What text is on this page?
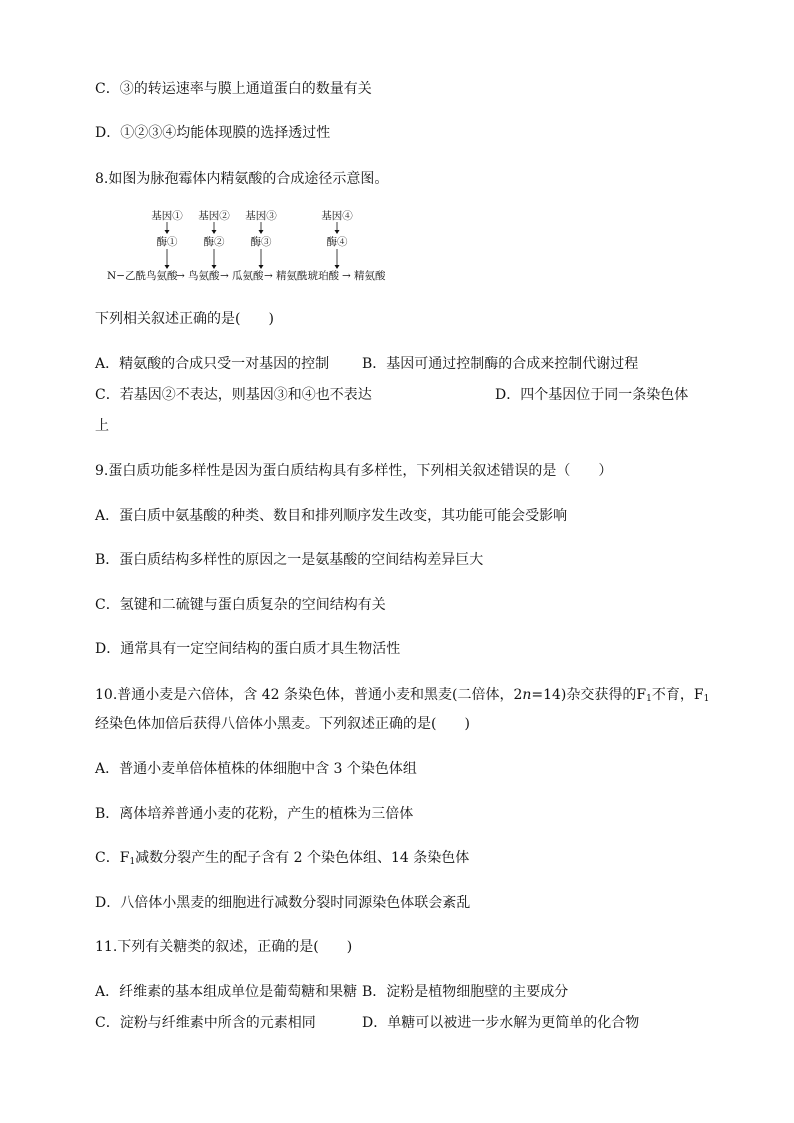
C．③的转运速率与膜上通道蛋白的数量有关
D．①②③④均能体现膜的选择透过性
8.如图为脉孢霉体内精氨酸的合成途径示意图。
基因① 基因② 基因③	基因④
酶① 酶② 酶③	酶④
N−乙酰鸟氨酸
→ 鸟氨酸 → 瓜氨酸 → 精氨酰琥珀酸 → 精氨酸
下列相关叙述正确的是(　　)
A．精氨酸的合成只受一对基因的控制 B．基因可通过控制酶的合成来控制代谢过程
C．若基因②不表达，则基因③和④也不表达	D．四个基因位于同一条染色体
上
9.蛋白质功能多样性是因为蛋白质结构具有多样性，下列相关叙述错误的是（　　）
A．蛋白质中氨基酸的种类、数目和排列顺序发生改变，其功能可能会受影响
B．蛋白质结构多样性的原因之一是氨基酸的空间结构差异巨大
C．氢键和二硫键与蛋白质复杂的空间结构有关
D．通常具有一定空间结构的蛋白质才具生物活性
10.普通小麦是六倍体，含 42 条染色体，普通小麦和黑麦(二倍体，2n=14)杂交获得的$F_1$不育，$F_1$
经染色体加倍后获得八倍体小黑麦。下列叙述正确的是(　　)
A．普通小麦单倍体植株的体细胞中含 3 个染色体组
B．离体培养普通小麦的花粉，产生的植株为三倍体
C．$F_1$减数分裂产生的配子含有 2 个染色体组、14 条染色体
D．八倍体小黑麦的细胞进行减数分裂时同源染色体联会紊乱
11.下列有关糖类的叙述，正确的是(　　)
A．纤维素的基本组成单位是葡萄糖和果糖 B．淀粉是植物细胞壁的主要成分
C．淀粉与纤维素中所含的元素相同	D．单糖可以被进一步水解为更简单的化合物
